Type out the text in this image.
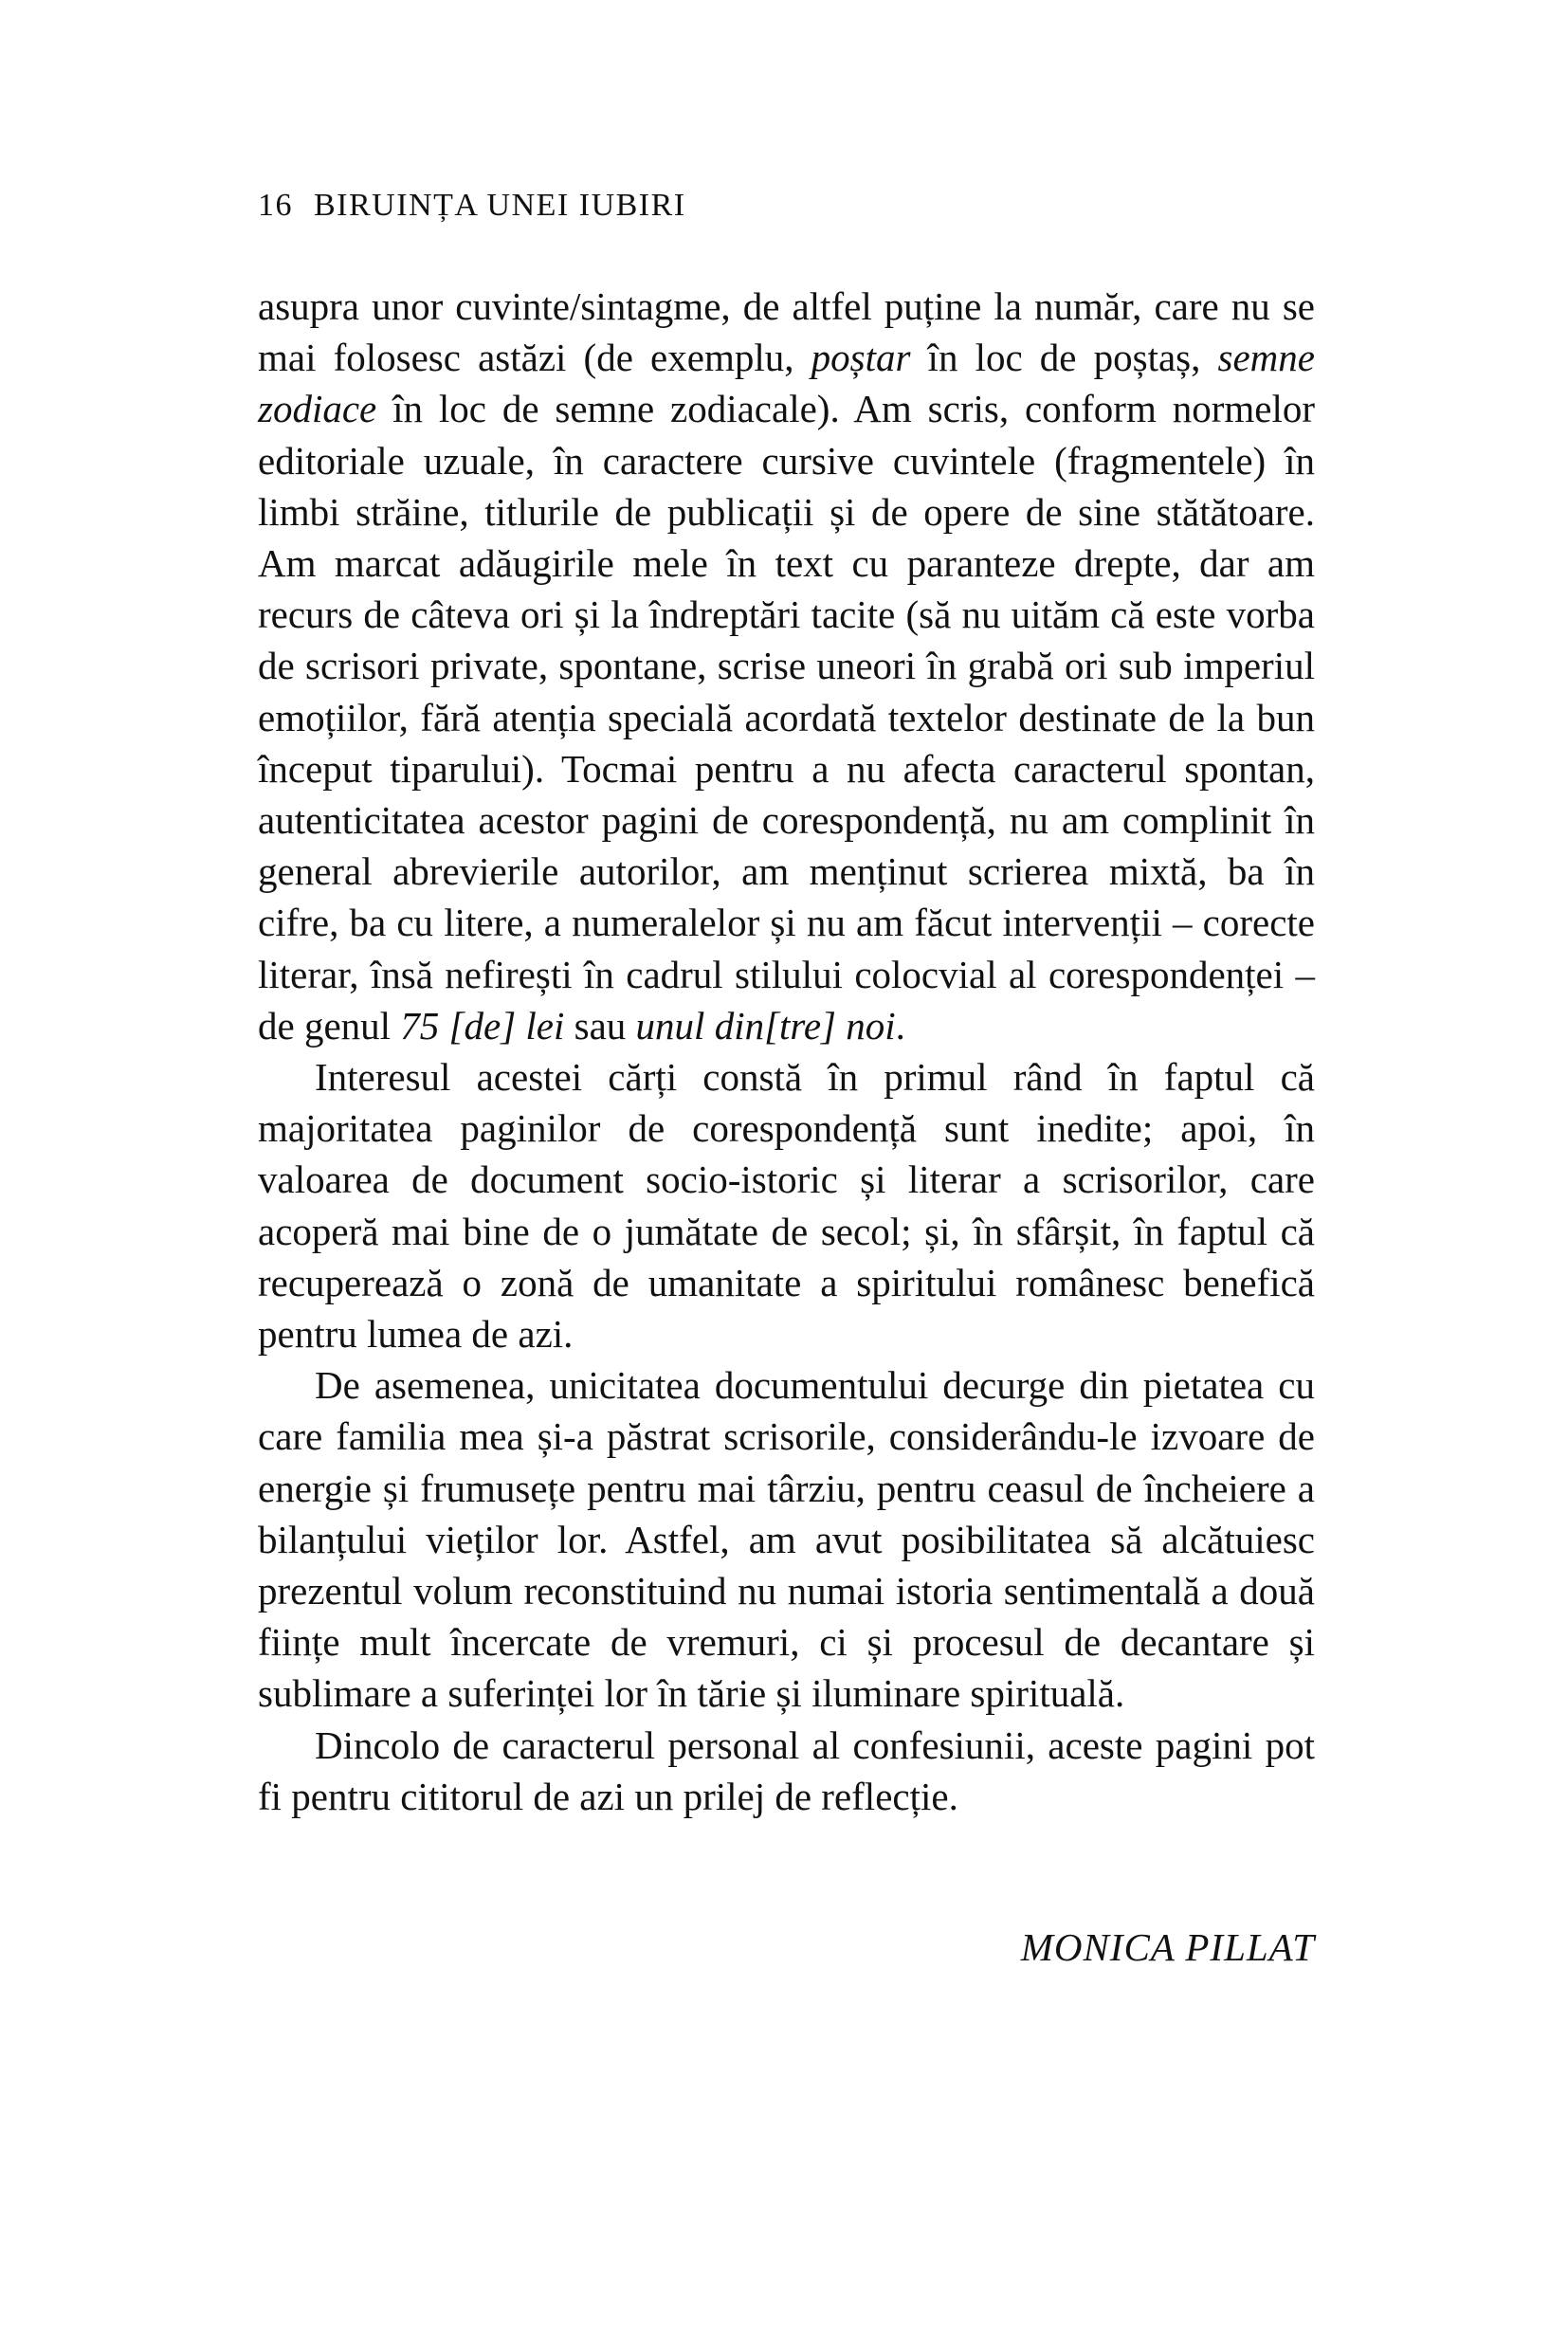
16 BIRUINȚA UNEI IUBIRI

asupra unor cuvinte/sintagme, de altfel puține la număr, care nu se mai folosesc astăzi (de exemplu, poștar în loc de poștaș, semne zodiace în loc de semne zodiacale). Am scris, conform normelor editoriale uzuale, în caractere cursive cuvintele (fragmentele) în limbi străine, titlurile de publicații și de opere de sine stătătoare. Am marcat adăugirile mele în text cu paranteze drepte, dar am recurs de câteva ori și la îndreptări tacite (să nu uităm că este vorba de scrisori private, spontane, scrise uneori în grabă ori sub imperiul emoțiilor, fără atenția specială acordată textelor destinate de la bun început tiparului). Tocmai pentru a nu afecta caracterul spontan, autenticitatea acestor pagini de corespondență, nu am complinit în general abrevierile autorilor, am menținut scrierea mixtă, ba în cifre, ba cu litere, a numeralelor și nu am făcut intervenții – corecte literar, însă nefirești în cadrul stilului colocvial al corespondenței – de genul 75 [de] lei sau unul din[tre] noi.

Interesul acestei cărți constă în primul rând în faptul că majoritatea paginilor de corespondență sunt inedite; apoi, în valoarea de document socio-istoric și literar a scrisorilor, care acoperă mai bine de o jumătate de secol; și, în sfârșit, în faptul că recuperează o zonă de umanitate a spiritului românesc benefică pentru lumea de azi.

De asemenea, unicitatea documentului decurge din pietatea cu care familia mea și-a păstrat scrisorile, considerându-le izvoare de energie și frumusețe pentru mai târziu, pentru ceasul de încheiere a bilanțului vieților lor. Astfel, am avut posibilitatea să alcătuiesc prezentul volum reconstituind nu numai istoria sentimentală a două ființe mult încercate de vremuri, ci și procesul de decantare și sublimare a suferinței lor în tărie și iluminare spirituală.

Dincolo de caracterul personal al confesiunii, aceste pagini pot fi pentru cititorul de azi un prilej de reflecție.

MONICA PILLAT
